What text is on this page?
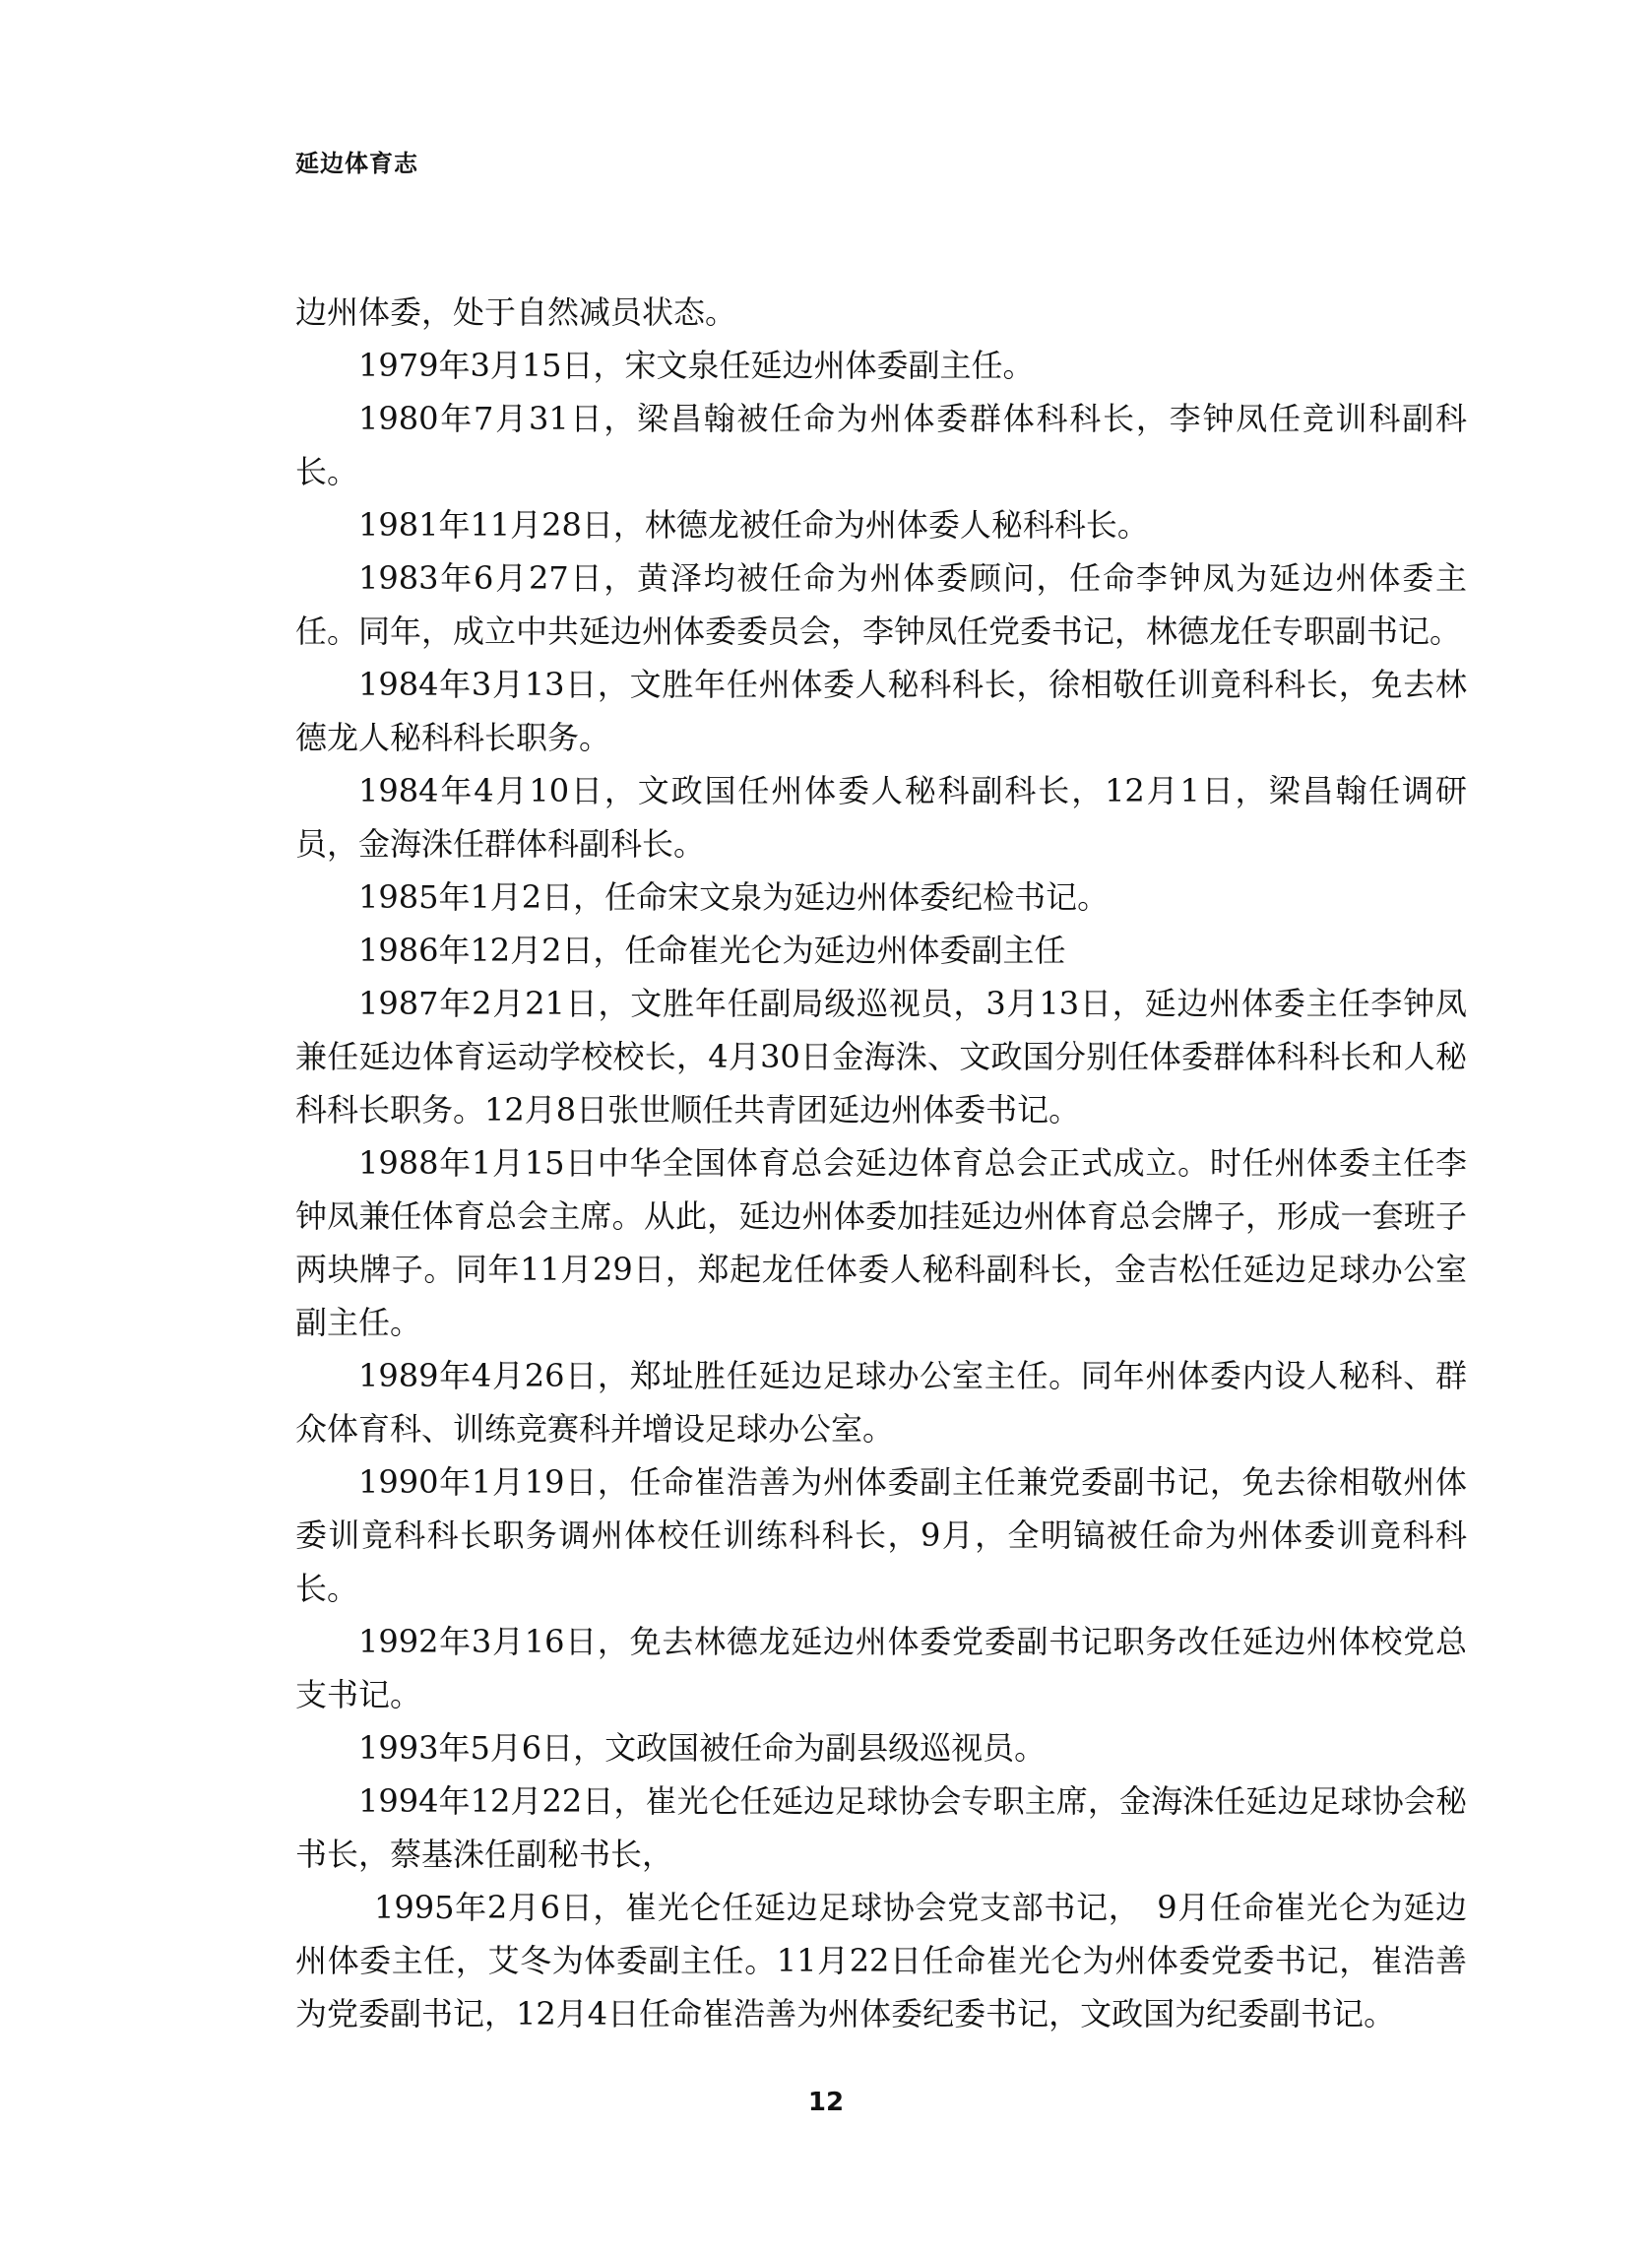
延边体育志

边州体委，处于自然减员状态。

1979年3月15日，宋文泉任延边州体委副主任。

1980年7月31日，梁昌翰被任命为州体委群体科科长，李钟凤任竞训科副科长。

1981年11月28日，林德龙被任命为州体委人秘科科长。

1983年6月27日，黄泽均被任命为州体委顾问，任命李钟凤为延边州体委主任。同年，成立中共延边州体委委员会，李钟凤任党委书记，林德龙任专职副书记。

1984年3月13日，文胜年任州体委人秘科科长，徐相敬任训竟科科长，免去林德龙人秘科科长职务。

1984年4月10日，文政国任州体委人秘科副科长，12月1日，梁昌翰任调研员，金海洙任群体科副科长。

1985年1月2日，任命宋文泉为延边州体委纪检书记。

1986年12月2日，任命崔光仑为延边州体委副主任

1987年2月21日，文胜年任副局级巡视员，3月13日，延边州体委主任李钟凤兼任延边体育运动学校校长，4月30日金海洙、文政国分别任体委群体科科长和人秘科科长职务。12月8日张世顺任共青团延边州体委书记。

1988年1月15日中华全国体育总会延边体育总会正式成立。时任州体委主任李钟凤兼任体育总会主席。从此，延边州体委加挂延边州体育总会牌子，形成一套班子两块牌子。同年11月29日，郑起龙任体委人秘科副科长，金吉松任延边足球办公室副主任。

1989年4月26日，郑址胜任延边足球办公室主任。同年州体委内设人秘科、群众体育科、训练竞赛科并增设足球办公室。

1990年1月19日，任命崔浩善为州体委副主任兼党委副书记，免去徐相敬州体委训竟科科长职务调州体校任训练科科长，9月，全明镐被任命为州体委训竟科科长。

1992年3月16日，免去林德龙延边州体委党委副书记职务改任延边州体校党总支书记。

1993年5月6日，文政国被任命为副县级巡视员。

1994年12月22日，崔光仑任延边足球协会专职主席，金海洙任延边足球协会秘书长，蔡基洙任副秘书长，

1995年2月6日，崔光仑任延边足球协会党支部书记，　9月任命崔光仑为延边州体委主任，艾冬为体委副主任。11月22日任命崔光仑为州体委党委书记，崔浩善为党委副书记，12月4日任命崔浩善为州体委纪委书记，文政国为纪委副书记。

12
